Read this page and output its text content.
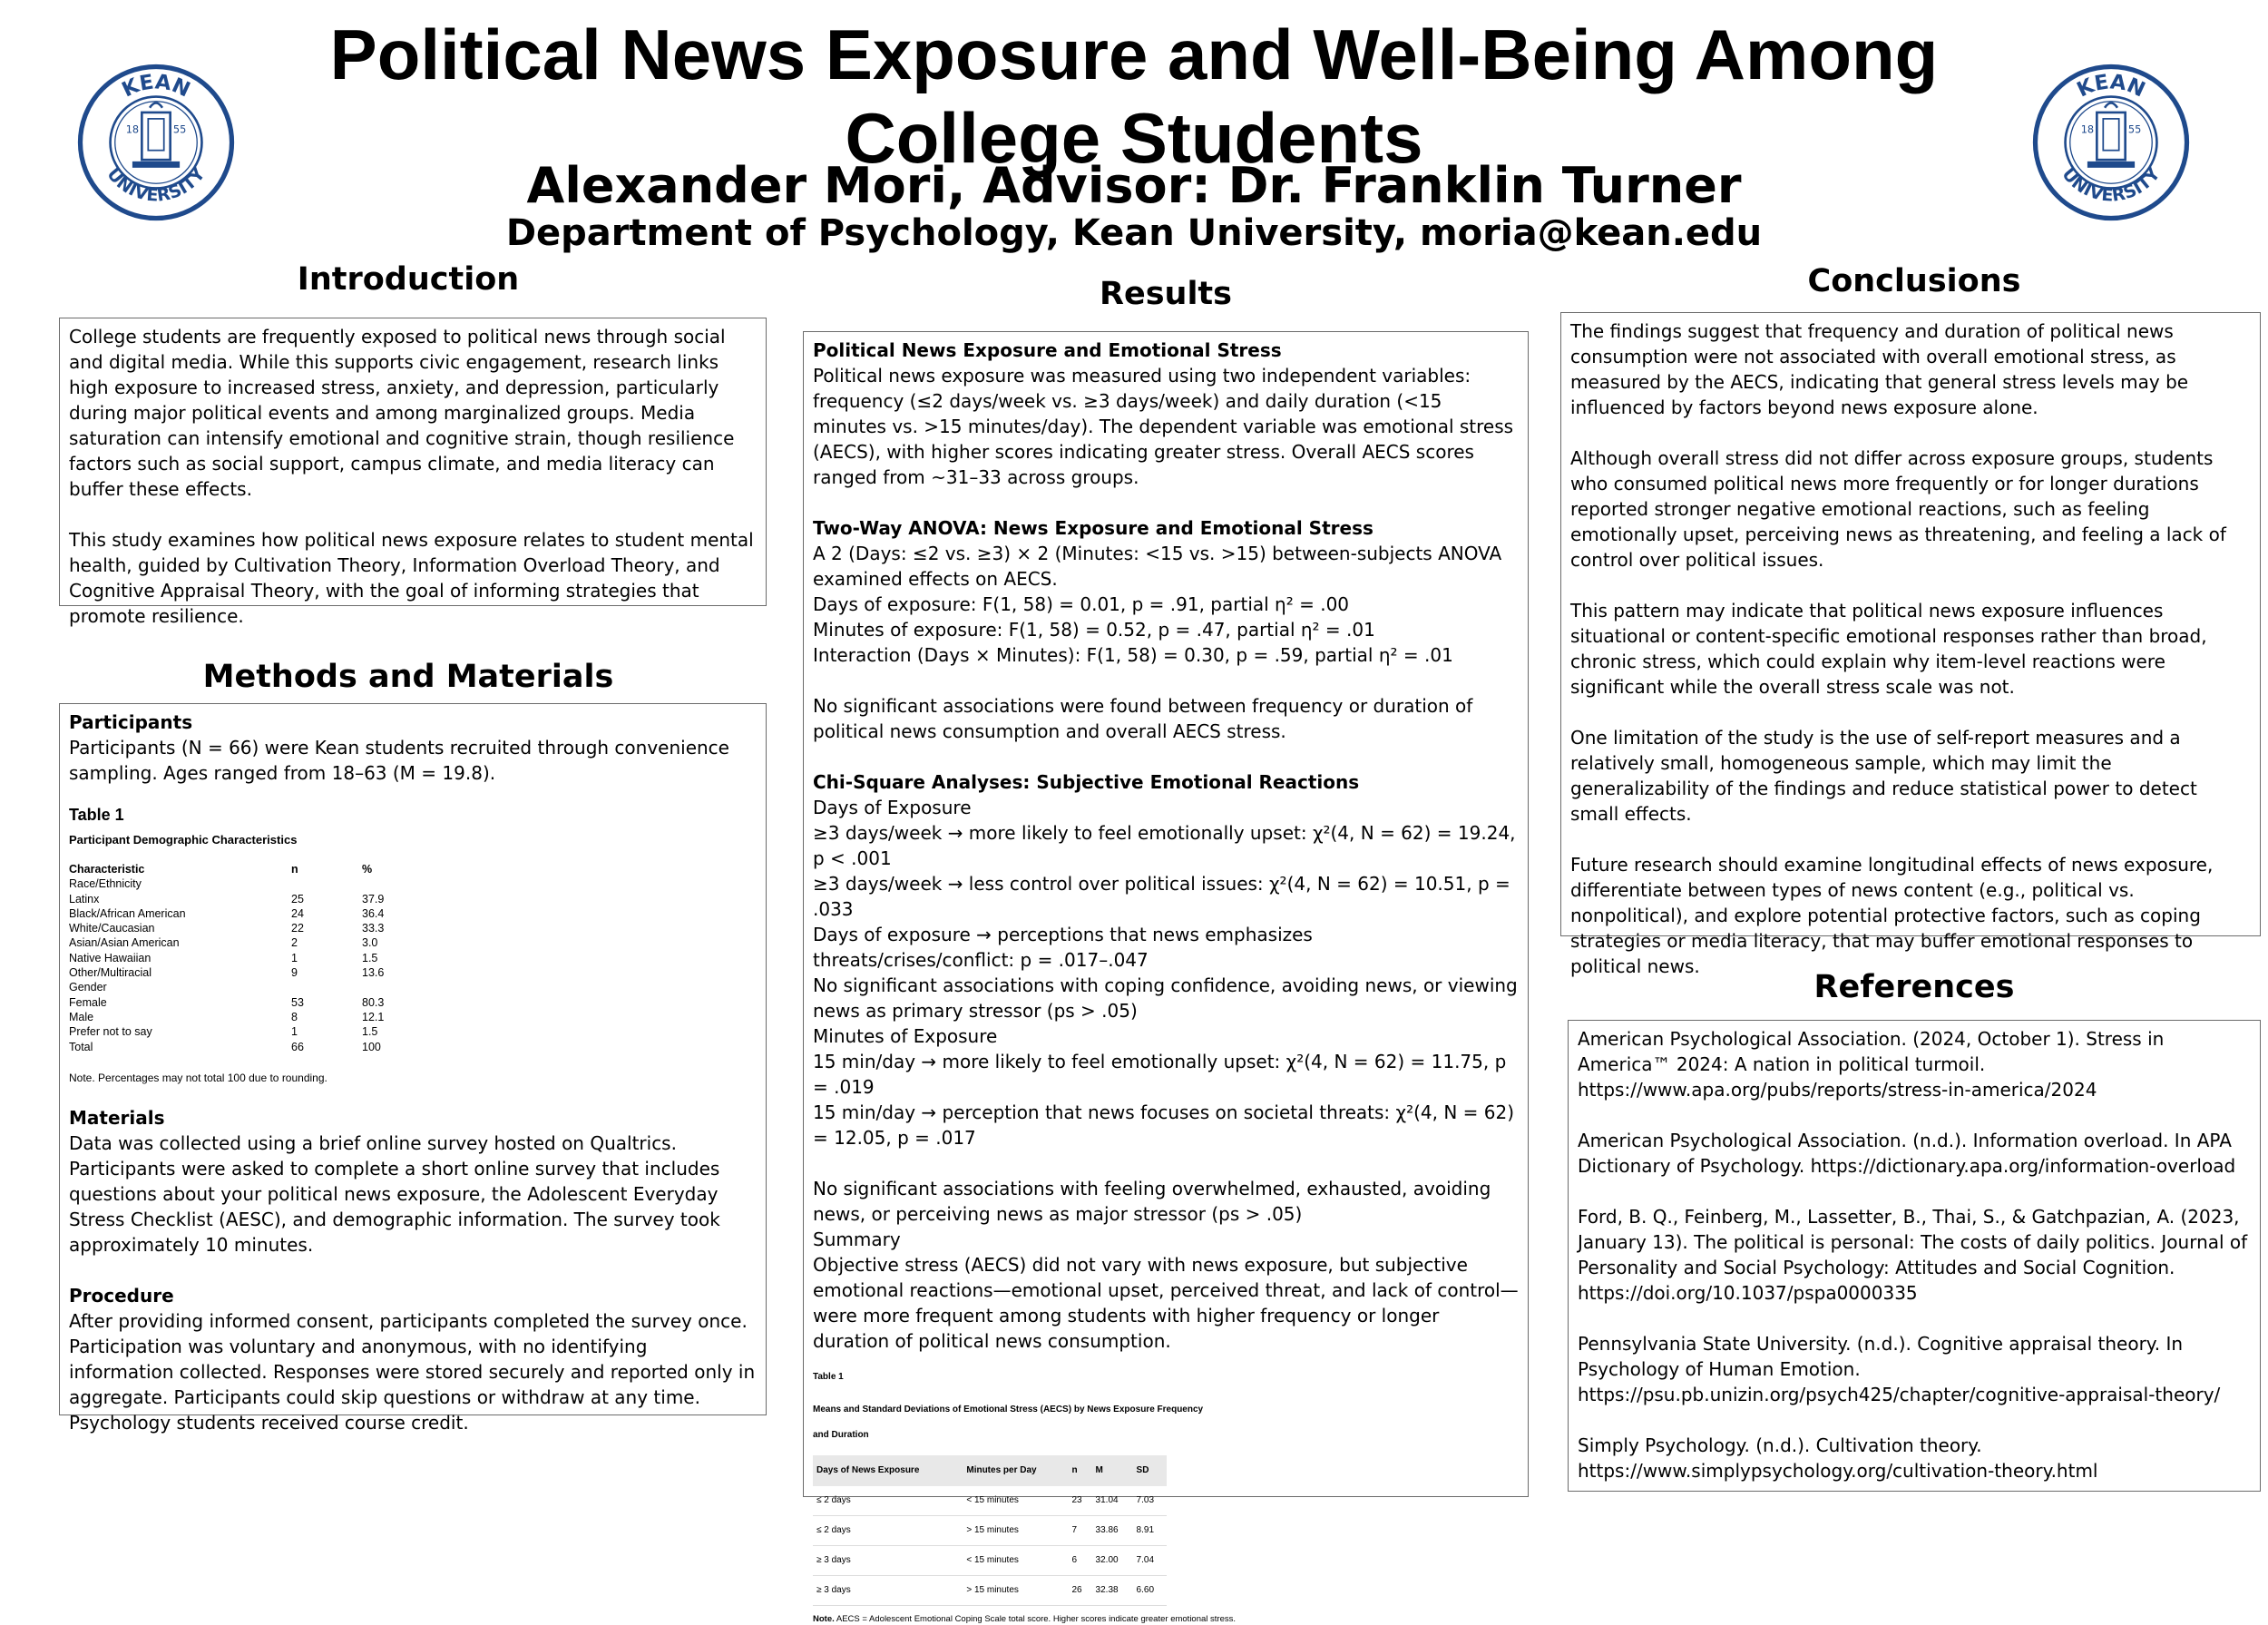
Political News Exposure and Well-Being Among
College Students
Alexander Mori, Advisor: Dr. Franklin Turner
Department of Psychology, Kean University, moria@kean.edu
KEAN
UNIVERSITY
18	55
KEAN
UNIVERSITY
18	55
Introduction

College students are frequently exposed to political news through social and digital media. While this supports civic engagement, research links high exposure to increased stress, anxiety, and depression, particularly during major political events and among marginalized groups. Media saturation can intensify emotional and cognitive strain, though resilience factors such as social support, campus climate, and media literacy can buffer these effects.

This study examines how political news exposure relates to student mental health, guided by Cultivation Theory, Information Overload Theory, and Cognitive Appraisal Theory, with the goal of informing strategies that promote resilience.

Methods and Materials
Participants
Participants (N = 66) were Kean students recruited through convenience sampling. Ages ranged from 18–63 (M = 19.8).
Table 1
Participant Demographic Characteristics
Characteristic	n	%
Race/Ethnicity		
Latinx	25	37.9
Black/African American	24	36.4
White/Caucasian	22	33.3
Asian/Asian American	2	3.0
Native Hawaiian	1	1.5
Other/Multiracial	9	13.6
Gender		
Female	53	80.3
Male	8	12.1
Prefer not to say	1	1.5
Total	66	100
Note. Percentages may not total 100 due to rounding.
Materials
Data was collected using a brief online survey hosted on Qualtrics. Participants were asked to complete a short online survey that includes questions about your political news exposure, the Adolescent Everyday Stress Checklist (AESC), and demographic information. The survey took approximately 10 minutes.
Procedure
After providing informed consent, participants completed the survey once. Participation was voluntary and anonymous, with no identifying information collected. Responses were stored securely and reported only in aggregate. Participants could skip questions or withdraw at any time. Psychology students received course credit.
Results
Political News Exposure and Emotional Stress
Political news exposure was measured using two independent variables: frequency (≤2 days/week vs. ≥3 days/week) and daily duration (<15 minutes vs. >15 minutes/day). The dependent variable was emotional stress (AECS), with higher scores indicating greater stress. Overall AECS scores ranged from ~31–33 across groups.
Two-Way ANOVA: News Exposure and Emotional Stress
A 2 (Days: ≤2 vs. ≥3) × 2 (Minutes: <15 vs. >15) between-subjects ANOVA examined effects on AECS.
Days of exposure: F(1, 58) = 0.01, p = .91, partial η² = .00
Minutes of exposure: F(1, 58) = 0.52, p = .47, partial η² = .01
Interaction (Days × Minutes): F(1, 58) = 0.30, p = .59, partial η² = .01
No significant associations were found between frequency or duration of political news consumption and overall AECS stress.
Chi-Square Analyses: Subjective Emotional Reactions
Days of Exposure
≥3 days/week → more likely to feel emotionally upset: χ²(4, N = 62) = 19.24, p < .001
≥3 days/week → less control over political issues: χ²(4, N = 62) = 10.51, p = .033
Days of exposure → perceptions that news emphasizes threats/crises/conflict: p = .017–.047
No significant associations with coping confidence, avoiding news, or viewing news as primary stressor (ps > .05)
Minutes of Exposure
15 min/day → more likely to feel emotionally upset: χ²(4, N = 62) = 11.75, p = .019
15 min/day → perception that news focuses on societal threats: χ²(4, N = 62) = 12.05, p = .017
No significant associations with feeling overwhelmed, exhausted, avoiding news, or perceiving news as major stressor (ps > .05)
Summary
Objective stress (AECS) did not vary with news exposure, but subjective emotional reactions—emotional upset, perceived threat, and lack of control—were more frequent among students with higher frequency or longer duration of political news consumption.
Table 1
Means and Standard Deviations of Emotional Stress (AECS) by News Exposure Frequency and Duration
Days of News Exposure	Minutes per Day	n	M	SD
≤ 2 days	< 15 minutes	23	31.04	7.03
≤ 2 days	> 15 minutes	7	33.86	8.91
≥ 3 days	< 15 minutes	6	32.00	7.04
≥ 3 days	> 15 minutes	26	32.38	6.60
Note. AECS = Adolescent Emotional Coping Scale total score. Higher scores indicate greater emotional stress.
Conclusions

The findings suggest that frequency and duration of political news consumption were not associated with overall emotional stress, as measured by the AECS, indicating that general stress levels may be influenced by factors beyond news exposure alone.

Although overall stress did not differ across exposure groups, students who consumed political news more frequently or for longer durations reported stronger negative emotional reactions, such as feeling emotionally upset, perceiving news as threatening, and feeling a lack of control over political issues.

This pattern may indicate that political news exposure influences situational or content-specific emotional responses rather than broad, chronic stress, which could explain why item-level reactions were significant while the overall stress scale was not.

One limitation of the study is the use of self-report measures and a relatively small, homogeneous sample, which may limit the generalizability of the findings and reduce statistical power to detect small effects.

Future research should examine longitudinal effects of news exposure, differentiate between types of news content (e.g., political vs. nonpolitical), and explore potential protective factors, such as coping strategies or media literacy, that may buffer emotional responses to political news.

References

American Psychological Association. (2024, October 1). Stress in America™ 2024: A nation in political turmoil. https://www.apa.org/pubs/reports/stress-in-america/2024

American Psychological Association. (n.d.). Information overload. In APA Dictionary of Psychology. https://dictionary.apa.org/information-overload

Ford, B. Q., Feinberg, M., Lassetter, B., Thai, S., & Gatchpazian, A. (2023, January 13). The political is personal: The costs of daily politics. Journal of Personality and Social Psychology: Attitudes and Social Cognition. https://doi.org/10.1037/pspa0000335

Pennsylvania State University. (n.d.). Cognitive appraisal theory. In Psychology of Human Emotion. https://psu.pb.unizin.org/psych425/chapter/cognitive-appraisal-theory/

Simply Psychology. (n.d.). Cultivation theory. https://www.simplypsychology.org/cultivation-theory.html
